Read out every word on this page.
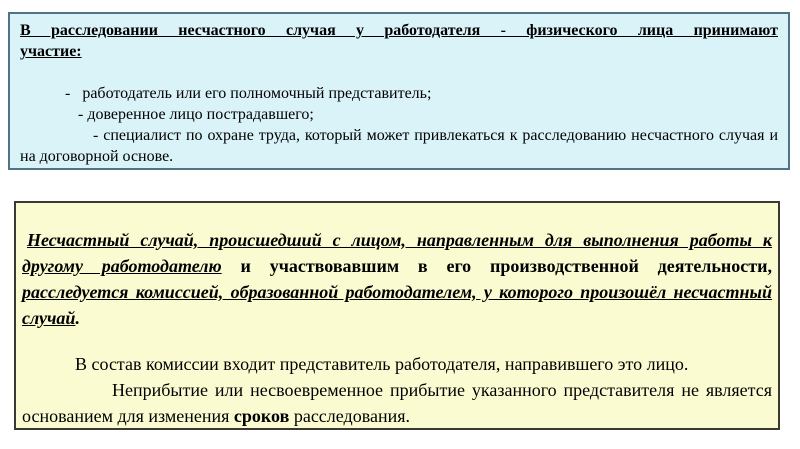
В расследовании несчастного случая у работодателя - физического лица принимают
участие:

-   работодатель или его полномочный представитель;

- доверенное лицо пострадавшего;

- специалист по охране труда, который может привлекаться к расследованию несчастного случая и на договорной основе.

Несчастный случай, происшедший с лицом, направленным для выполнения работы к другому работодателю и участвовавшим в его производственной деятельности, расследуется комиссией, образованной работодателем, у которого произошёл несчастный случай.

В состав комиссии входит представитель работодателя, направившего это лицо.

Неприбытие или несвоевременное прибытие указанного представителя не является основанием для изменения сроков расследования.
